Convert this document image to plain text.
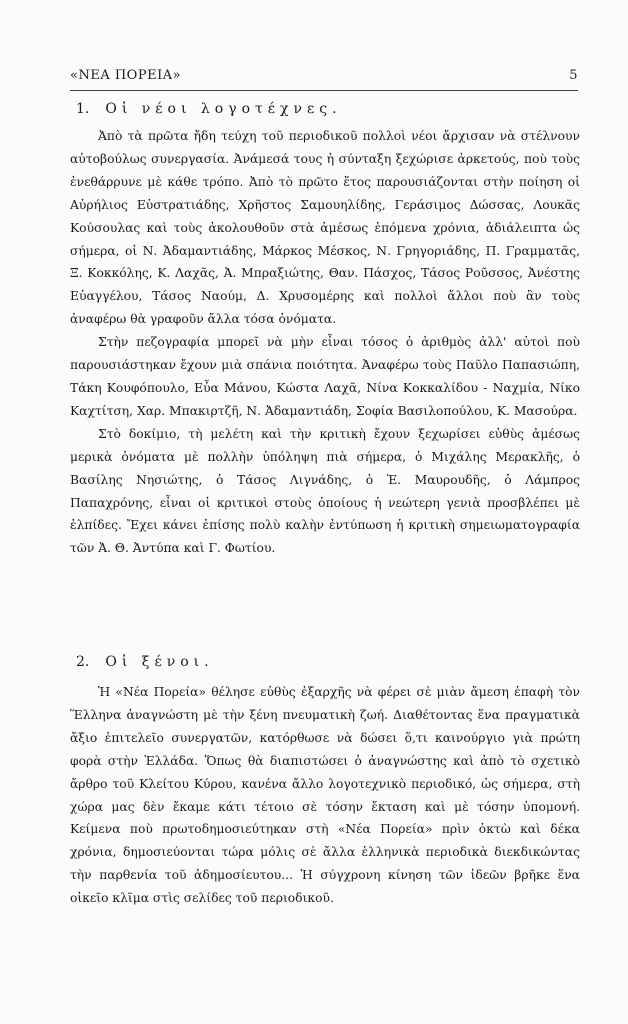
«ΝΕΑ ΠΟΡΕΙΑ»	5
1. Οἱ νέοι λογοτέχνες.

Ἀπὸ τὰ πρῶτα ἤδη τεύχη τοῦ περιοδικοῦ πολλοὶ νέοι ἄρχισαν νὰ στέλνουν αὐτοβούλως συνεργασία. Ἀνάμεσά τους ἡ σύνταξη ξεχώρισε ἀρκετούς, ποὺ τοὺς ἐνεθάρρυνε μὲ κάθε τρόπο. Ἀπὸ τὸ πρῶτο ἔτος παρουσιάζονται στὴν ποίηση οἱ Αὐρήλιος Εὐστρατιάδης, Χρῆστος Σαμουηλίδης, Γεράσιμος Δώσσας, Λουκᾶς Κούσουλας καὶ τοὺς ἀκολουθοῦν στὰ ἀμέσως ἑπόμενα χρόνια, ἀδιάλειπτα ὡς σήμερα, οἱ Ν. Ἀδαμαντιάδης, Μάρκος Μέσκος, Ν. Γρηγοριάδης, Π. Γραμματᾶς, Ξ. Κοκκόλης, Κ. Λαχᾶς, Ἀ. Μπραξιώτης, Θαν. Πάσχος, Τάσος Ροῦσσος, Ἀνέστης Εὐαγγέλου, Τάσος Ναούμ, Δ. Χρυσομέρης καὶ πολλοὶ ἄλλοι ποὺ ἂν τοὺς ἀναφέρω θὰ γραφοῦν ἄλλα τόσα ὀνόματα.

Στὴν πεζογραφία μπορεῖ νὰ μὴν εἶναι τόσος ὁ ἀριθμὸς ἀλλ' αὐτοὶ ποὺ παρουσιάστηκαν ἔχουν μιὰ σπάνια ποιότητα. Ἀναφέρω τοὺς Παῦλο Παπασιώπη, Τάκη Κουφόπουλο, Εὖα Μάνου, Κώστα Λαχᾶ, Νίνα Κοκκαλίδου - Ναχμία, Νίκο Καχτίτση, Χαρ. Μπακιρτζῆ, Ν. Ἀδαμαντιάδη, Σοφία Βασιλοπούλου, Κ. Μασούρα.

Στὸ δοκίμιο, τὴ μελέτη καὶ τὴν κριτικὴ ἔχουν ξεχωρίσει εὐθὺς ἀμέσως μερικὰ ὀνόματα μὲ πολλὴν ὑπόληψη πιὰ σήμερα, ὁ Μιχάλης Μερακλῆς, ὁ Βασίλης Νησιώτης, ὁ Τάσος Λιγνάδης, ὁ Ἐ. Μαυρουδῆς, ὁ Λάμπρος Παπαχρόνης, εἶναι οἱ κριτικοὶ στοὺς ὁποίους ἡ νεώτερη γενιὰ προσβλέπει μὲ ἐλπίδες. Ἔχει κάνει ἐπίσης πολὺ καλὴν ἐντύπωση ἡ κριτικὴ σημειωματογραφία τῶν Ἀ. Θ. Ἀντύπα καὶ Γ. Φωτίου.

2. Οἱ ξένοι.

Ἡ «Νέα Πορεία» θέλησε εὐθὺς ἐξαρχῆς νὰ φέρει σὲ μιὰν ἄμεση ἐπαφὴ τὸν Ἕλληνα ἀναγνώστη μὲ τὴν ξένη πνευματικὴ ζωή. Διαθέτοντας ἕνα πραγματικὰ ἄξιο ἐπιτελεῖο συνεργατῶν, κατόρθωσε νὰ δώσει ὅ,τι καινούργιο γιὰ πρώτη φορὰ στὴν Ἑλλάδα. Ὅπως θὰ διαπιστώσει ὁ ἀναγνώστης καὶ ἀπὸ τὸ σχετικὸ ἄρθρο τοῦ Κλείτου Κύρου, κανένα ἄλλο λογοτεχνικὸ περιοδικό, ὡς σήμερα, στὴ χώρα μας δὲν ἔκαμε κάτι τέτοιο σὲ τόσην ἔκταση καὶ μὲ τόσην ὑπομονή. Κείμενα ποὺ πρωτοδημοσιεύτηκαν στὴ «Νέα Πορεία» πρὶν ὀκτὼ καὶ δέκα χρόνια, δημοσιεύονται τώρα μόλις σὲ ἄλλα ἑλληνικὰ περιοδικὰ διεκδικώντας τὴν παρθενία τοῦ ἀδημοσίευτου... Ἡ σύγχρονη κίνηση τῶν ἰδεῶν βρῆκε ἕνα οἰκεῖο κλῖμα στὶς σελίδες τοῦ περιοδικοῦ.
